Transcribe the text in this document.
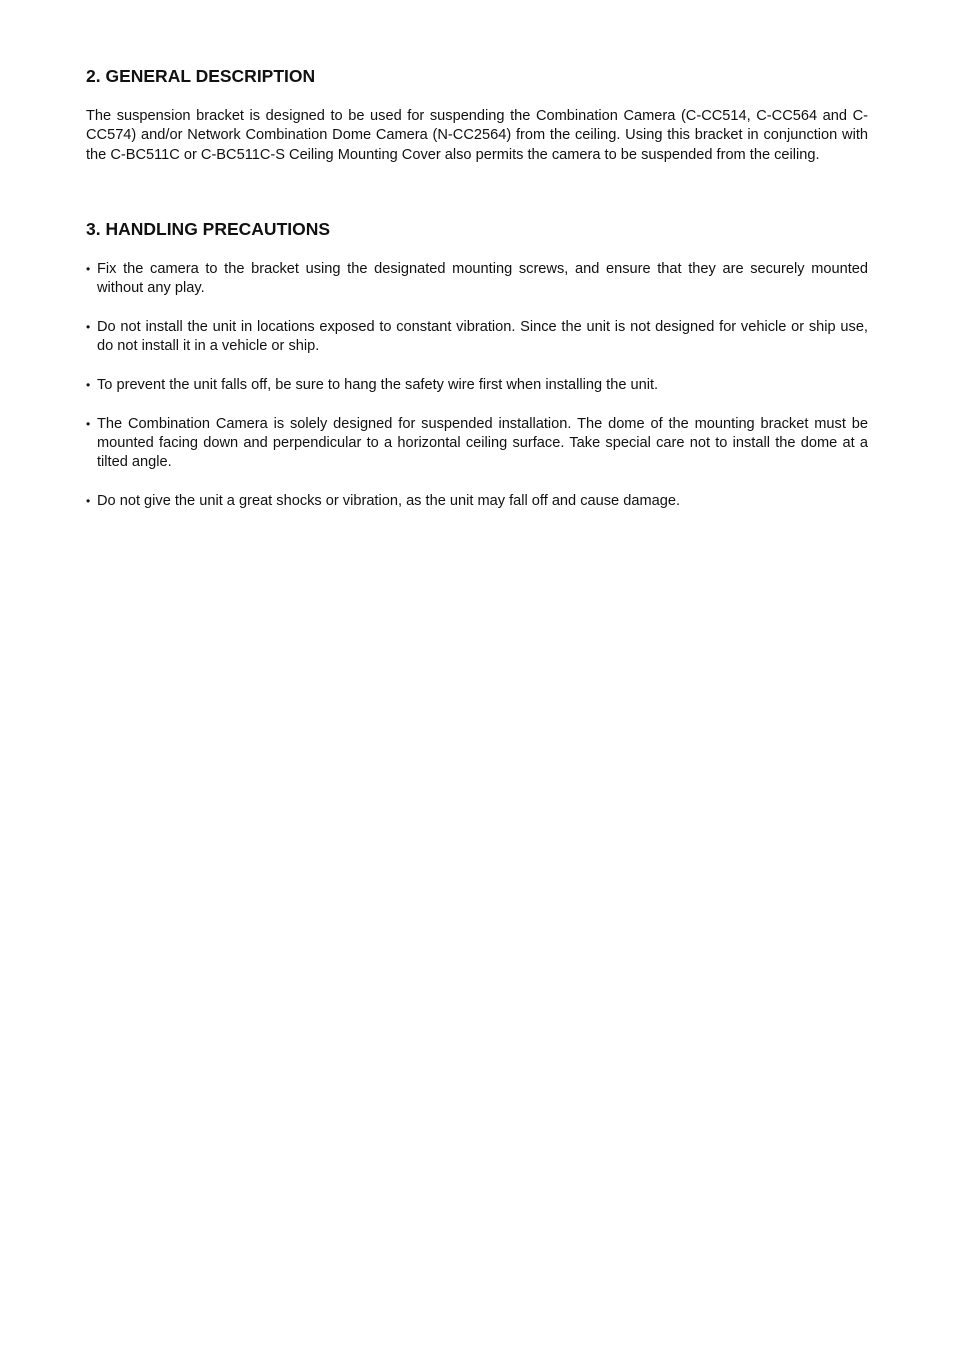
2. GENERAL DESCRIPTION

The suspension bracket is designed to be used for suspending the Combination Camera (C-CC514, C-CC564 and C-CC574) and/or Network Combination Dome Camera (N-CC2564) from the ceiling. Using this bracket in conjunction with the C-BC511C or C-BC511C-S Ceiling Mounting Cover also permits the camera to be suspended from the ceiling.

3. HANDLING PRECAUTIONS
• Fix the camera to the bracket using the designated mounting screws, and ensure that they are securely mounted without any play.
• Do not install the unit in locations exposed to constant vibration. Since the unit is not designed for vehicle or ship use, do not install it in a vehicle or ship.
• To prevent the unit falls off, be sure to hang the safety wire first when installing the unit.
• The Combination Camera is solely designed for suspended installation. The dome of the mounting bracket must be mounted facing down and perpendicular to a horizontal ceiling surface. Take special care not to install the dome at a tilted angle.
• Do not give the unit a great shocks or vibration, as the unit may fall off and cause damage.
